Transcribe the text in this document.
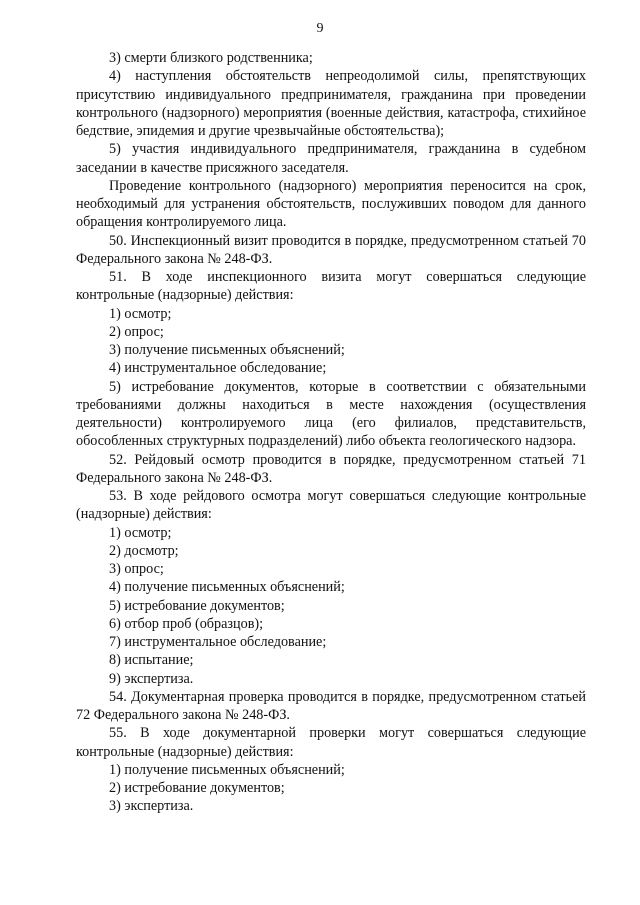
9

3) смерти близкого родственника;

4) наступления обстоятельств непреодолимой силы, препятствующих присутствию индивидуального предпринимателя, гражданина при проведении контрольного (надзорного) мероприятия (военные действия, катастрофа, стихийное бедствие, эпидемия и другие чрезвычайные обстоятельства);

5) участия индивидуального предпринимателя, гражданина в судебном заседании в качестве присяжного заседателя.

Проведение контрольного (надзорного) мероприятия переносится на срок, необходимый для устранения обстоятельств, послуживших поводом для данного обращения контролируемого лица.

50. Инспекционный визит проводится в порядке, предусмотренном статьей 70 Федерального закона № 248-ФЗ.

51. В ходе инспекционного визита могут совершаться следующие контрольные (надзорные) действия:

1) осмотр;

2) опрос;

3) получение письменных объяснений;

4) инструментальное обследование;

5) истребование документов, которые в соответствии с обязательными требованиями должны находиться в месте нахождения (осуществления деятельности) контролируемого лица (его филиалов, представительств, обособленных структурных подразделений) либо объекта геологического надзора.

52. Рейдовый осмотр проводится в порядке, предусмотренном статьей 71 Федерального закона № 248-ФЗ.

53. В ходе рейдового осмотра могут совершаться следующие контрольные (надзорные) действия:

1) осмотр;

2) досмотр;

3) опрос;

4) получение письменных объяснений;

5) истребование документов;

6) отбор проб (образцов);

7) инструментальное обследование;

8) испытание;

9) экспертиза.

54. Документарная проверка проводится в порядке, предусмотренном статьей 72 Федерального закона № 248-ФЗ.

55. В ходе документарной проверки могут совершаться следующие контрольные (надзорные) действия:

1) получение письменных объяснений;

2) истребование документов;

3) экспертиза.
